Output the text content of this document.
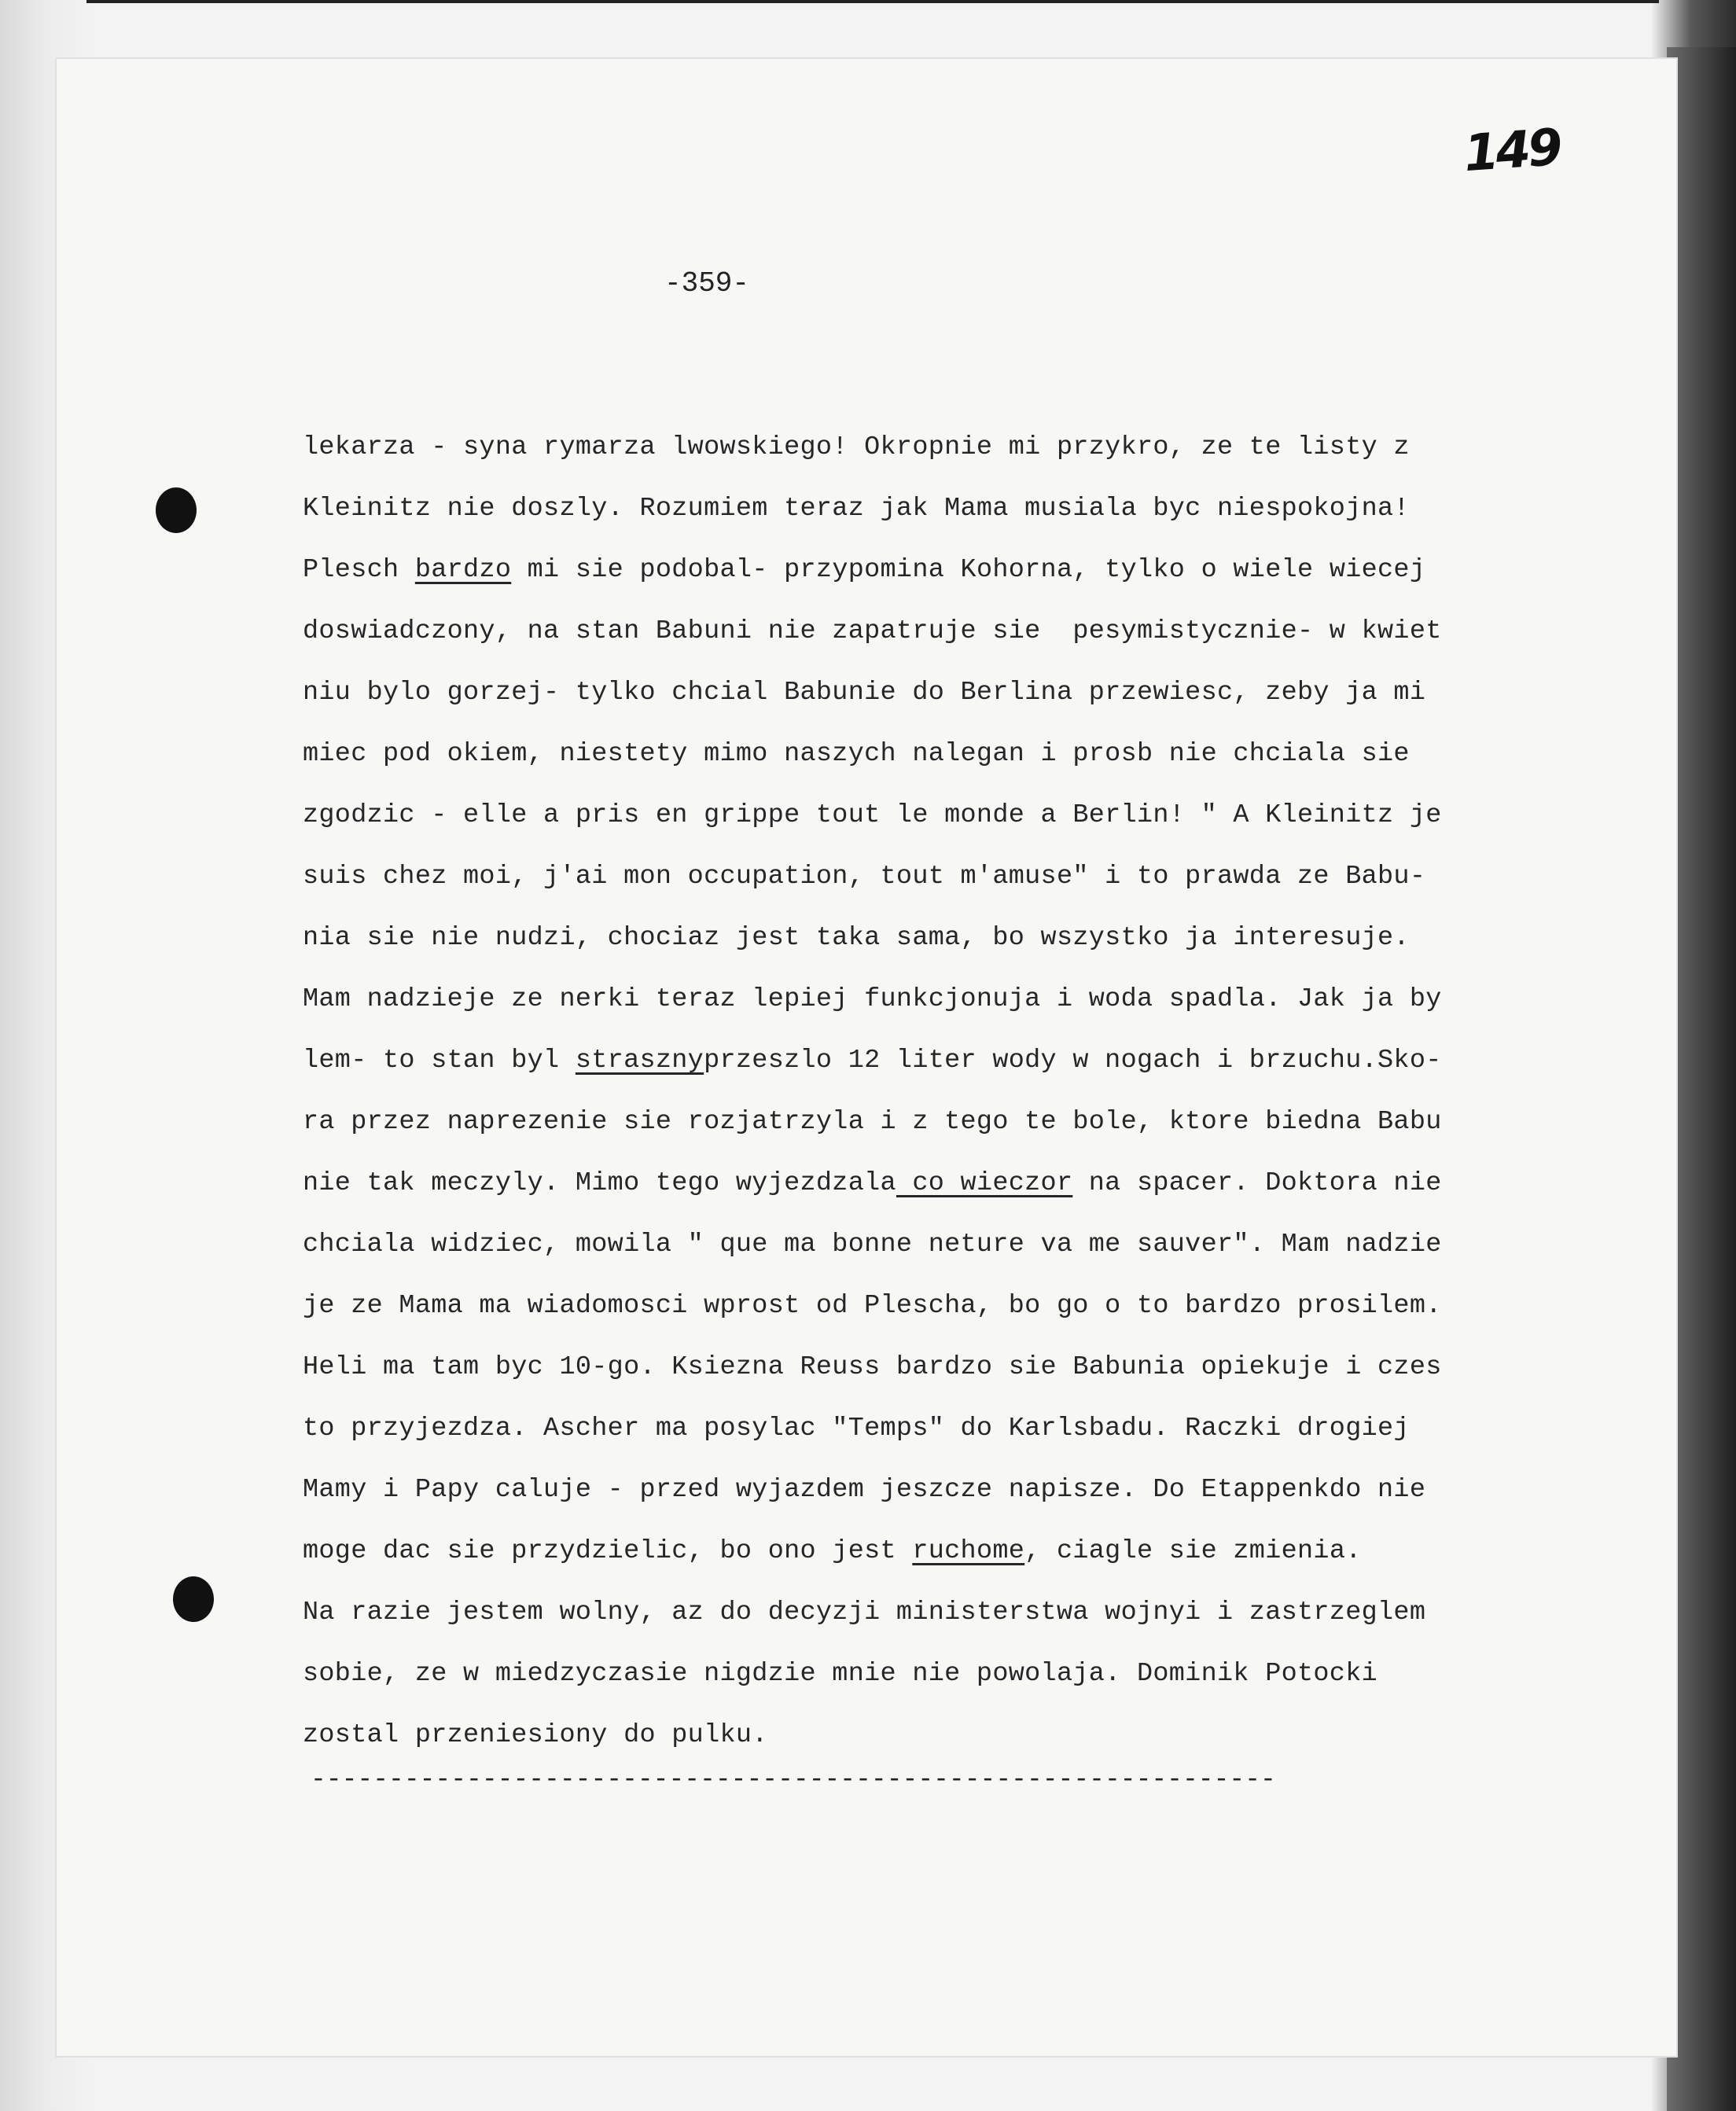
149
-359-
lekarza - syna rymarza lwowskiego! Okropnie mi przykro, ze te listy z
Kleinitz nie doszly. Rozumiem teraz jak Mama musiala byc niespokojna!
Plesch bardzo mi sie podobal- przypomina Kohorna, tylko o wiele wiecej
doswiadczony, na stan Babuni nie zapatruje sie  pesymistycznie- w kwiet
niu bylo gorzej- tylko chcial Babunie do Berlina przewiesc, zeby ja mi
miec pod okiem, niestety mimo naszych nalegan i prosb nie chciala sie
zgodzic - elle a pris en grippe tout le monde a Berlin! " A Kleinitz je
suis chez moi, j'ai mon occupation, tout m'amuse" i to prawda ze Babu-
nia sie nie nudzi, chociaz jest taka sama, bo wszystko ja interesuje.
Mam nadzieje ze nerki teraz lepiej funkcjonuja i woda spadla. Jak ja by
lem- to stan byl strasznyprzeszlo 12 liter wody w nogach i brzuchu.Sko-
ra przez naprezenie sie rozjatrzyla i z tego te bole, ktore biedna Babu
nie tak meczyly. Mimo tego wyjezdzala co wieczor na spacer. Doktora nie
chciala widziec, mowila " que ma bonne neture va me sauver". Mam nadzie
je ze Mama ma wiadomosci wprost od Pleschа, bo go o to bardzo prosilem.
Heli ma tam byc 10-go. Ksiezna Reuss bardzo sie Babunia opiekuje i czes
to przyjezdza. Ascher ma posylac "Temps" do Karlsbadu. Raczki drogiej
Mamy i Papy caluje - przed wyjazdem jeszcze napisze. Do Etappenkdo nie
moge dac sie przydzielic, bo ono jest ruchome, ciagle sie zmienia.
Na razie jestem wolny, az do decyzji ministerstwa wojnyi i zastrzeglem
sobie, ze w miedzyczasie nigdzie mnie nie powolaja. Dominik Potocki
zostal przeniesiony do pulku.
--------------------------------------------------------------
